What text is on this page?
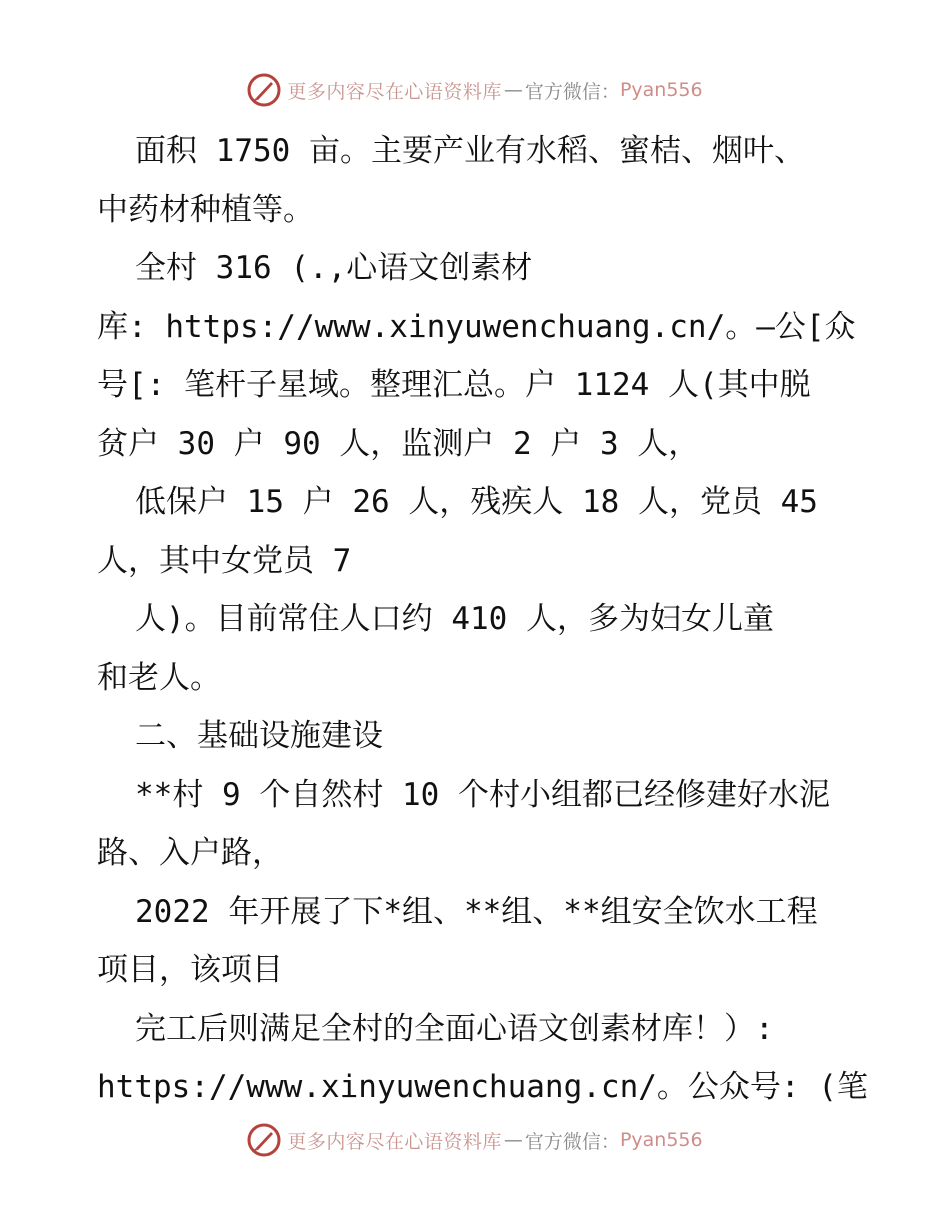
更多内容尽在心语资料库 — 官方微信： Pyan556
面积 1750 亩。主要产业有水稻、蜜桔、烟叶、
中药材种植等。
全村 316 (.,心语文创素材
库: https://www.xinyuwenchuang.cn/。—公[众
号[: 笔杆子星域。整理汇总。户 1124 人(其中脱
贫户 30 户 90 人，监测户 2 户 3 人，
低保户 15 户 26 人，残疾人 18 人，党员 45
人，其中女党员 7
人)。目前常住人口约 410 人，多为妇女儿童
和老人。
二、基础设施建设
**村 9 个自然村 10 个村小组都已经修建好水泥
路、入户路，
2022 年开展了下*组、**组、**组安全饮水工程
项目，该项目
完工后则满足全村的全面心语文创素材库！）:
https://www.xinyuwenchuang.cn/。公众号: (笔
更多内容尽在心语资料库 — 官方微信： Pyan556
